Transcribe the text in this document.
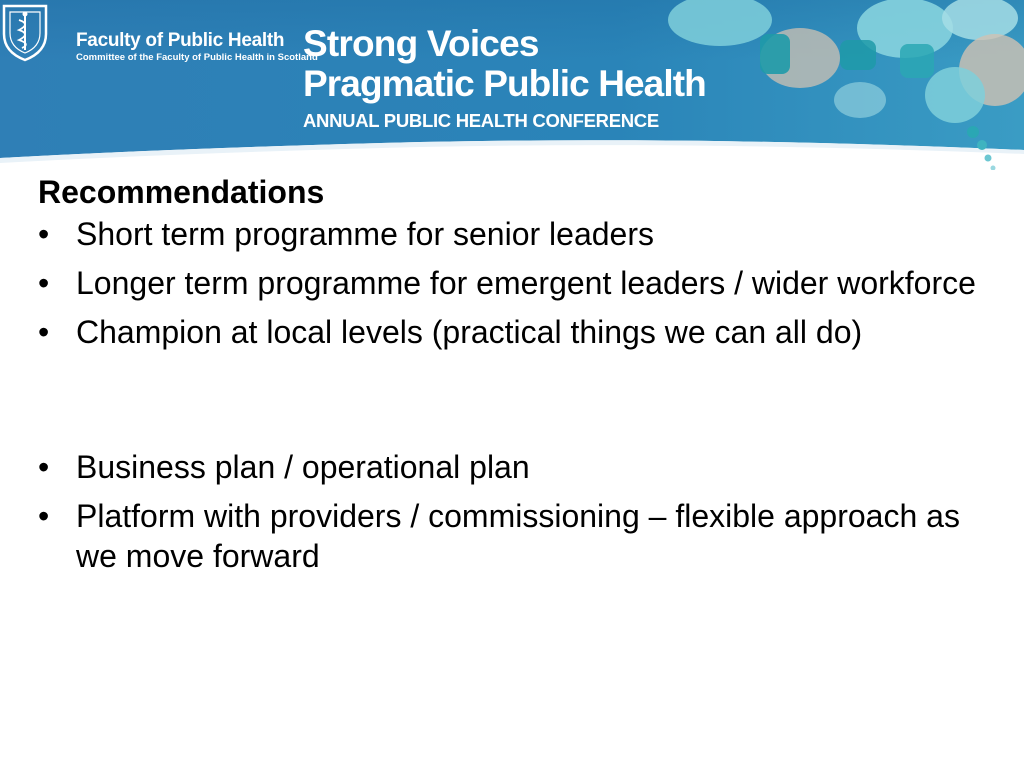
Faculty of Public Health
Committee of the Faculty of Public Health in Scotland
Strong Voices
Pragmatic Public Health
ANNUAL PUBLIC HEALTH CONFERENCE
Recommendations
• Short term programme for senior leaders
• Longer term programme for emergent leaders / wider workforce
• Champion at local levels (practical things we can all do)
• Business plan / operational plan
• Platform with providers / commissioning – flexible approach as we move forward
